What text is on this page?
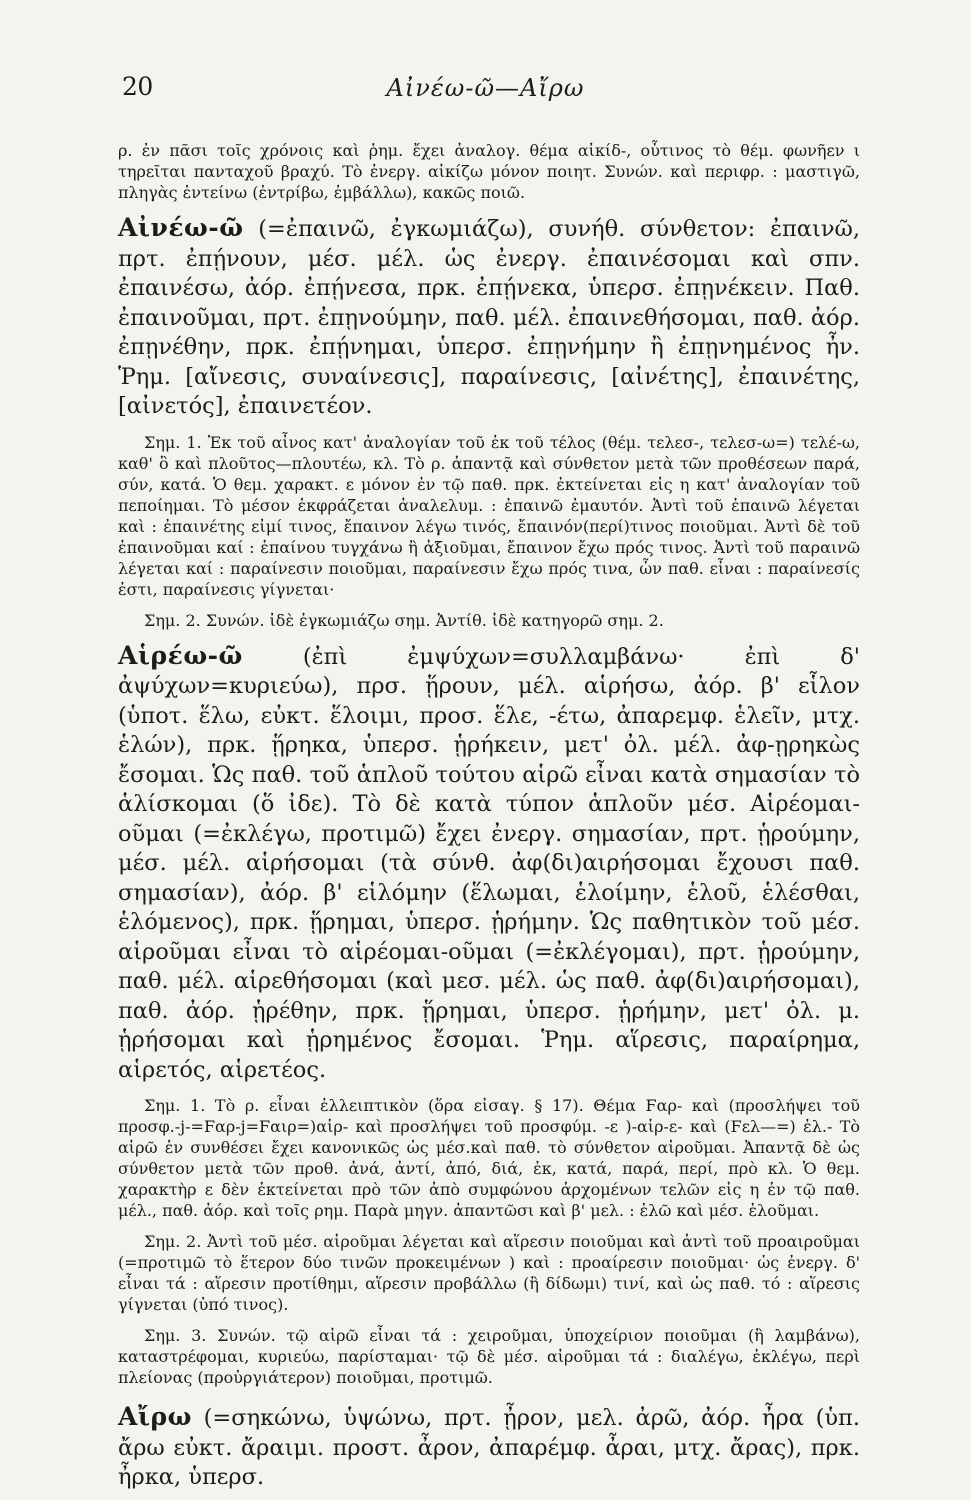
20	Αἰνέω-ῶ—Αἴρω

ρ. ἐν πᾶσι τοῖς χρόνοις καὶ ῥημ. ἔχει ἀναλογ. θέμα αἰκίδ-, οὗτινος τὸ θέμ. φωνῆεν ι τηρεῖται πανταχοῦ βραχύ. Τὸ ἐνεργ. αἰκίζω μόνον ποιητ. Συνών. καὶ περιφρ. : μαστιγῶ, πληγὰς ἐντείνω (ἐντρίβω, ἐμβάλλω), κακῶς ποιῶ.

Αἰνέω-ῶ (=ἐπαινῶ, ἐγκωμιάζω), συνήθ. σύνθετον: ἐπαινῶ, πρτ. ἐπῄνουν, μέσ. μέλ. ὡς ἐνεργ. ἐπαινέσομαι καὶ σπν. ἐπαινέσω, ἀόρ. ἐπῄνεσα, πρκ. ἐπῄνεκα, ὑπερσ. ἐπῃνέκειν. Παθ. ἐπαινοῦμαι, πρτ. ἐπῃνούμην, παθ. μέλ. ἐπαινεθήσομαι, παθ. ἀόρ. ἐπῃνέθην, πρκ. ἐπῄνημαι, ὑπερσ. ἐπῃνήμην ἢ ἐπῃνημένος ἦν. Ῥημ. [αἴνεσις, συναίνεσις], παραίνεσις, [αἰνέτης], ἐπαινέτης, [αἰνετός], ἐπαινετέον.

Σημ. 1. Ἐκ τοῦ αἶνος κατ' ἀναλογίαν τοῦ ἐκ τοῦ τέλος (θέμ. τελεσ-, τελεσ-ω=) τελέ-ω, καθ' ὃ καὶ πλοῦτος—πλουτέω, κλ. Τὸ ρ. ἀπαντᾷ καὶ σύνθετον μετὰ τῶν προθέσεων παρά, σύν, κατά. Ὁ θεμ. χαρακτ. ε μόνον ἐν τῷ παθ. πρκ. ἐκτείνεται εἰς η κατ' ἀναλογίαν τοῦ πεποίημαι. Τὸ μέσον ἐκφράζεται ἀναλελυμ. : ἐπαινῶ ἐμαυτόν. Ἀντὶ τοῦ ἐπαινῶ λέγεται καὶ : ἐπαινέτης εἰμί τινος, ἔπαινον λέγω τινός, ἔπαινόν(περί)τινος ποιοῦμαι. Ἀντὶ δὲ τοῦ ἐπαινοῦμαι καί : ἐπαίνου τυγχάνω ἢ ἀξιοῦμαι, ἔπαινον ἔχω πρός τινος. Ἀντὶ τοῦ παραινῶ λέγεται καί : παραίνεσιν ποιοῦμαι, παραίνεσιν ἔχω πρός τινα, ὧν παθ. εἶναι : παραίνεσίς ἐστι, παραίνεσις γίγνεται·

Σημ. 2. Συνών. ἰδὲ ἐγκωμιάζω σημ. Ἀντίθ. ἰδὲ κατηγορῶ σημ. 2.

Αἱρέω-ῶ (ἐπὶ ἐμψύχων=συλλαμβάνω· ἐπὶ δ' ἀψύχων=κυριεύω), πρσ. ᾕρουν, μέλ. αἱρήσω, ἀόρ. β' εἷλον (ὑποτ. ἕλω, εὐκτ. ἕλοιμι, προσ. ἕλε, -έτω, ἀπαρεμφ. ἑλεῖν, μτχ. ἑλών), πρκ. ᾕρηκα, ὑπερσ. ᾑρήκειν, μετ' ὀλ. μέλ. ἀφ-ῃρηκὼς ἔσομαι. Ὡς παθ. τοῦ ἁπλοῦ τούτου αἱρῶ εἶναι κατὰ σημασίαν τὸ ἁλίσκομαι (ὅ ἰδε). Τὸ δὲ κατὰ τύπον ἁπλοῦν μέσ. Αἱρέομαι-οῦμαι (=ἐκλέγω, προτιμῶ) ἔχει ἐνεργ. σημασίαν, πρτ. ᾑρούμην, μέσ. μέλ. αἱρήσομαι (τὰ σύνθ. ἀφ(δι)αιρήσομαι ἔχουσι παθ. σημασίαν), ἀόρ. β' εἱλόμην (ἕλωμαι, ἑλοίμην, ἑλοῦ, ἑλέσθαι, ἑλόμενος), πρκ. ᾕρημαι, ὑπερσ. ᾑρήμην. Ὡς παθητικὸν τοῦ μέσ. αἱροῦμαι εἶναι τὸ αἱρέομαι-οῦμαι (=ἐκλέγομαι), πρτ. ᾑρούμην, παθ. μέλ. αἱρεθήσομαι (καὶ μεσ. μέλ. ὡς παθ. ἀφ(δι)αιρήσομαι), παθ. ἀόρ. ᾑρέθην, πρκ. ᾕρημαι, ὑπερσ. ᾑρήμην, μετ' ὀλ. μ. ᾑρήσομαι καὶ ᾑρημένος ἔσομαι. Ῥημ. αἵρεσις, παραίρημα, αἱρετός, αἱρετέος.

Σημ. 1. Τὸ ρ. εἶναι ἐλλειπτικὸν (ὅρα εἰσαγ. § 17). Θέμα Ϝαρ- καὶ (προσλήψει τοῦ προσφ.-j-=Ϝαρ-j=Ϝαιρ=)αἱρ- καὶ προσλήψει τοῦ προσφύμ. -ε )-αἱρ-ε- καὶ (Ϝελ—=) ἑλ.- Τὸ αἱρῶ ἐν συνθέσει ἔχει κανονικῶς ὡς μέσ.καὶ παθ. τὸ σύνθετον αἱροῦμαι. Ἀπαντᾷ δὲ ὡς σύνθετον μετὰ τῶν προθ. ἀνά, ἀντί, ἀπό, διά, ἐκ, κατά, παρά, περί, πρὸ κλ. Ὁ θεμ. χαρακτὴρ ε δὲν ἐκτείνεται πρὸ τῶν ἀπὸ συμφώνου ἀρχομένων τελῶν εἰς η ἐν τῷ παθ. μέλ., παθ. ἀόρ. καὶ τοῖς ρημ. Παρὰ μηγν. ἀπαντῶσι καὶ β' μελ. : ἑλῶ καὶ μέσ. ἑλοῦμαι.

Σημ. 2. Ἀντὶ τοῦ μέσ. αἱροῦμαι λέγεται καὶ αἵρεσιν ποιοῦμαι καὶ ἀντὶ τοῦ προαιροῦμαι (=προτιμῶ τὸ ἕτερον δύο τινῶν προκειμένων ) καὶ : προαίρεσιν ποιοῦμαι· ὡς ἐνεργ. δ' εἶναι τά : αἵρεσιν προτίθημι, αἵρεσιν προβάλλω (ἢ δίδωμι) τινί, καὶ ὡς παθ. τό : αἵρεσις γίγνεται (ὑπό τινος).

Σημ. 3. Συνών. τῷ αἱρῶ εἶναι τά : χειροῦμαι, ὑποχείριον ποιοῦμαι (ἢ λαμβάνω), καταστρέφομαι, κυριεύω, παρίσταμαι· τῷ δὲ μέσ. αἱροῦμαι τά : διαλέγω, ἐκλέγω, περὶ πλείονας (προὐργιάτερον) ποιοῦμαι, προτιμῶ.

Αἴρω (=σηκώνω, ὑψώνω, πρτ. ᾖρον, μελ. ἀρῶ, ἀόρ. ἦρα (ὑπ. ἄρω εὐκτ. ἄραιμι. προστ. ἆρον, ἀπαρέμφ. ἆραι, μτχ. ἄρας), πρκ. ἦρκα, ὑπερσ.
